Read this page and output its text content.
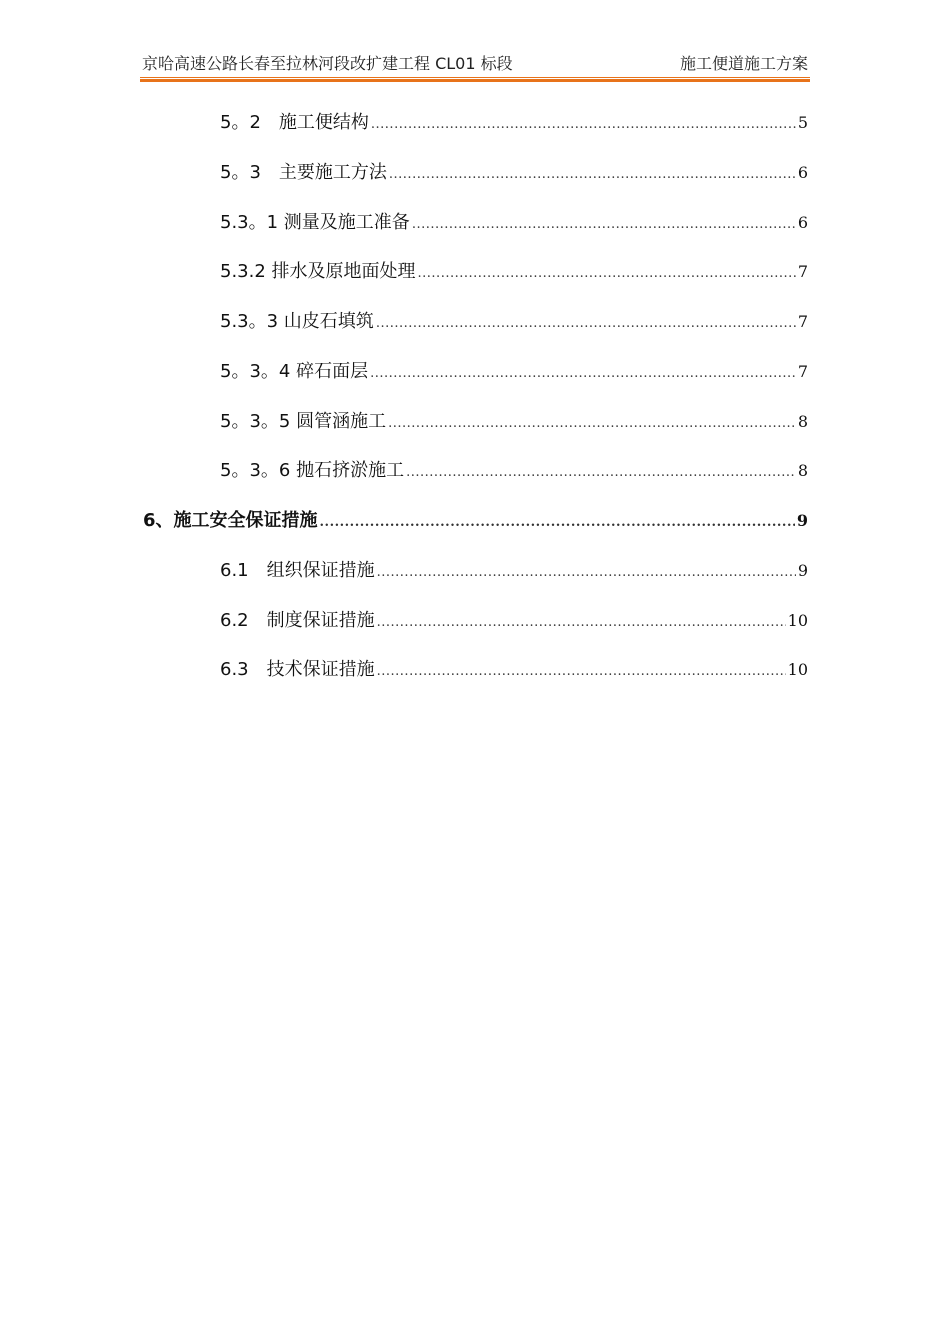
京哈高速公路长春至拉林河段改扩建工程 CL01 标段	施工便道施工方案
5。2　施工便结构 .....	5
5。3　主要施工方法 .....	6
5.3。1 测量及施工准备 .....	6
5.3.2 排水及原地面处理 .....	7
5.3。3 山皮石填筑 .....	7
5。3。4 碎石面层 .....	7
5。3。5 圆管涵施工 .....	8
5。3。6 抛石挤淤施工 .....	8
6、施工安全保证措施 .....	9
6.1　组织保证措施 .....	9
6.2　制度保证措施 .....	10
6.3　技术保证措施 .....	10
